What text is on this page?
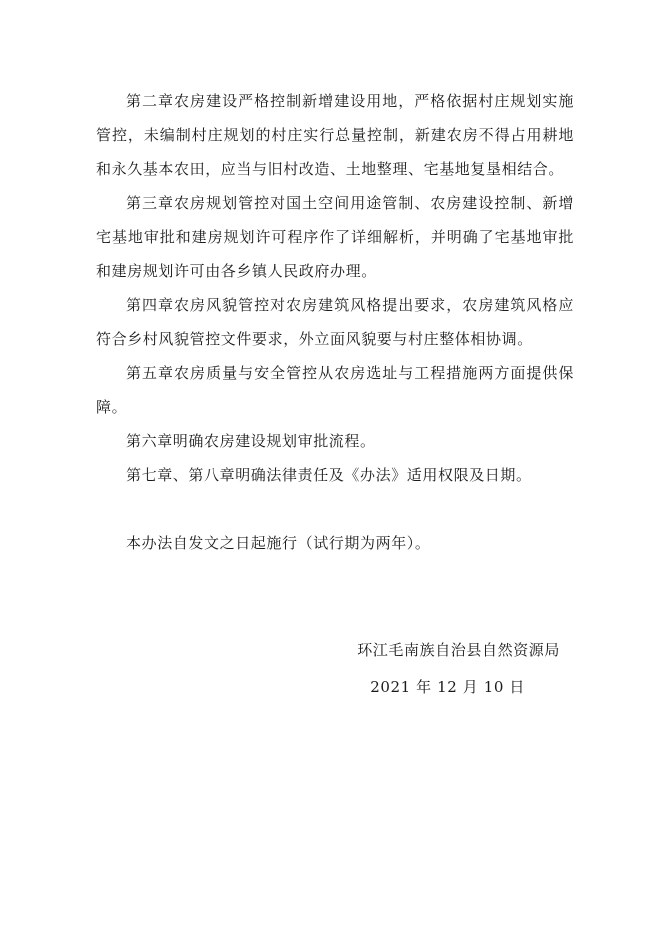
第二章农房建设严格控制新增建设用地，严格依据村庄规划实施管控，未编制村庄规划的村庄实行总量控制，新建农房不得占用耕地和永久基本农田，应当与旧村改造、土地整理、宅基地复垦相结合。

第三章农房规划管控对国土空间用途管制、农房建设控制、新增宅基地审批和建房规划许可程序作了详细解析，并明确了宅基地审批和建房规划许可由各乡镇人民政府办理。

第四章农房风貌管控对农房建筑风格提出要求，农房建筑风格应符合乡村风貌管控文件要求，外立面风貌要与村庄整体相协调。

第五章农房质量与安全管控从农房选址与工程措施两方面提供保障。

第六章明确农房建设规划审批流程。

第七章、第八章明确法律责任及《办法》适用权限及日期。

本办法自发文之日起施行（试行期为两年）。

环江毛南族自治县自然资源局
2021 年 12 月 10 日
